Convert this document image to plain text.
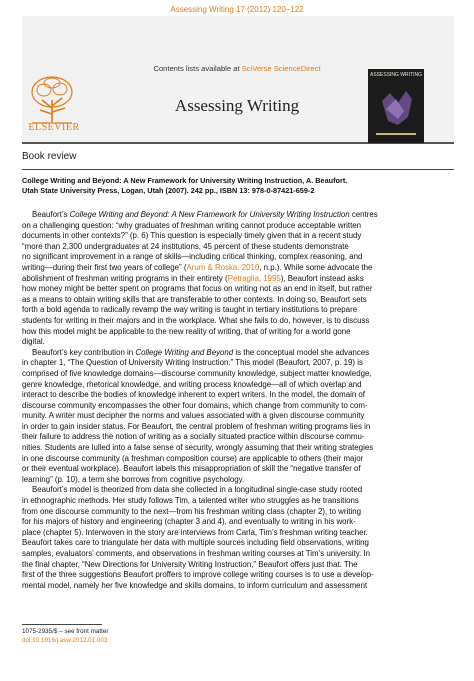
Assessing Writing 17 (2012) 120–122
ELSEVIER
Contents lists available at SciVerse ScienceDirect
Assessing Writing
ASSESSING WRITING
Book review
College Writing and Beyond: A New Framework for University Writing Instruction, A. Beaufort.
Utah State University Press, Logan, Utah (2007). 242 pp., ISBN 13: 978-0-87421-659-2
Beaufort’s College Writing and Beyond: A New Framework for University Writing Instruction centres
on a challenging question: “why graduates of freshman writing cannot produce acceptable written
documents in other contexts?” (p. 6) This question is especially timely given that in a recent study
“more than 2,300 undergraduates at 24 institutions, 45 percent of these students demonstrate
no significant improvement in a range of skills—including critical thinking, complex reasoning, and
writing—during their first two years of college” (Arum & Roska, 2010, n.p.). While some advocate the
abolishment of freshman writing programs in their entirety (Petraglia, 1995), Beaufort instead asks
how money might be better spent on programs that focus on writing not as an end in itself, but rather
as a means to obtain writing skills that are transferable to other contexts. In doing so, Beaufort sets
forth a bold agenda to radically revamp the way writing is taught in tertiary institutions to prepare
students for writing in their majors and in the workplace. What she fails to do, however, is to discuss
how this model might be applicable to the new reality of writing, that of writing for a world gone
digital.
Beaufort’s key contribution in College Writing and Beyond is the conceptual model she advances
in chapter 1, “The Question of University Writing Instruction.” This model (Beaufort, 2007, p. 19) is
comprised of five knowledge domains—discourse community knowledge, subject matter knowledge,
genre knowledge, rhetorical knowledge, and writing process knowledge—all of which overlap and
interact to describe the bodies of knowledge inherent to expert writers. In the model, the domain of
discourse community encompasses the other four domains, which change from community to com-
munity. A writer must decipher the norms and values associated with a given discourse community
in order to gain insider status. For Beaufort, the central problem of freshman writing programs lies in
their failure to address the notion of writing as a socially situated practice within discourse commu-
nities. Students are lulled into a false sense of security, wrongly assuming that their writing strategies
in one discourse community (a freshman composition course) are applicable to others (their major
or their eventual workplace). Beaufort labels this misappropriation of skill the “negative transfer of
learning” (p. 10), a term she borrows from cognitive psychology.
Beaufort’s model is theorized from data she collected in a longitudinal single-case study rooted
in ethnographic methods. Her study follows Tim, a talented writer who struggles as he transitions
from one discourse community to the next—from his freshman writing class (chapter 2), to writing
for his majors of history and engineering (chapter 3 and 4), and eventually to writing in his work-
place (chapter 5). Interwoven in the story are interviews from Carla, Tim’s freshman writing teacher.
Beaufort takes care to triangulate her data with multiple sources including field observations, writing
samples, evaluators’ comments, and observations in freshman writing courses at Tim’s university. In
the final chapter, “New Directions for University Writing Instruction,” Beaufort offers just that. The
first of the three suggestions Beaufort proffers to improve college writing courses is to use a develop-
mental model, namely her five knowledge and skills domains, to inform curriculum and assessment
1075-2935/$ – see front matter
doi:10.1016/j.asw.2012.01.003
